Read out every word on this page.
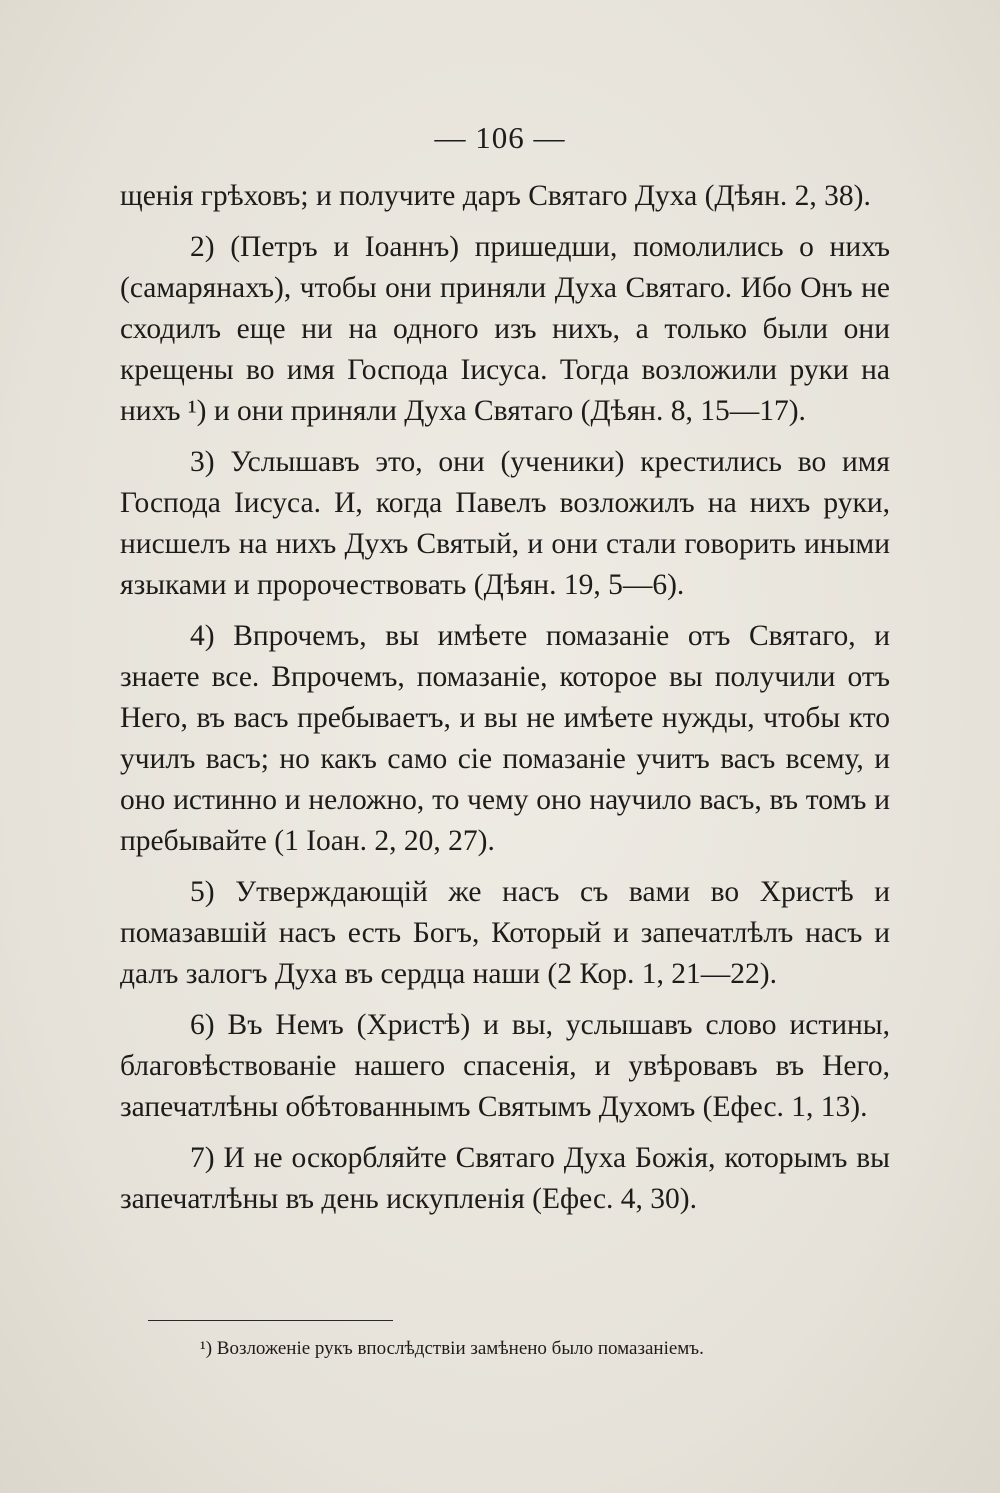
— 106 —

щенія грѣховъ; и получите даръ Святаго Духа (Дѣян. 2, 38).

2) (Петръ и Іоаннъ) пришедши, помолились о нихъ (самарянахъ), чтобы они приняли Духа Святаго. Ибо Онъ не сходилъ еще ни на одного изъ нихъ, а только были они крещены во имя Господа Іисуса. Тогда возложили руки на нихъ ¹) и они приняли Духа Святаго (Дѣян. 8, 15—17).

3) Услышавъ это, они (ученики) крестились во имя Господа Іисуса. И, когда Павелъ возложилъ на нихъ руки, нисшелъ на нихъ Духъ Святый, и они стали говорить иными языками и пророчествовать (Дѣян. 19, 5—6).

4) Впрочемъ, вы имѣете помазаніе отъ Святаго, и знаете все. Впрочемъ, помазаніе, которое вы получили отъ Него, въ васъ пребываетъ, и вы не имѣете нужды, чтобы кто училъ васъ; но какъ само сіе помазаніе учитъ васъ всему, и оно истинно и неложно, то чему оно научило васъ, въ томъ и пребывайте (1 Іоан. 2, 20, 27).

5) Утверждающій же насъ съ вами во Христѣ и помазавшій насъ есть Богъ, Который и запечатлѣлъ насъ и далъ залогъ Духа въ сердца наши (2 Кор. 1, 21—22).

6) Въ Немъ (Христѣ) и вы, услышавъ слово истины, благовѣствованіе нашего спасенія, и увѣровавъ въ Него, запечатлѣны обѣтованнымъ Святымъ Духомъ (Ефес. 1, 13).

7) И не оскорбляйте Святаго Духа Божія, которымъ вы запечатлѣны въ день искупленія (Ефес. 4, 30).

¹) Возложеніе рукъ впослѣдствіи замѣнено было помазаніемъ.
